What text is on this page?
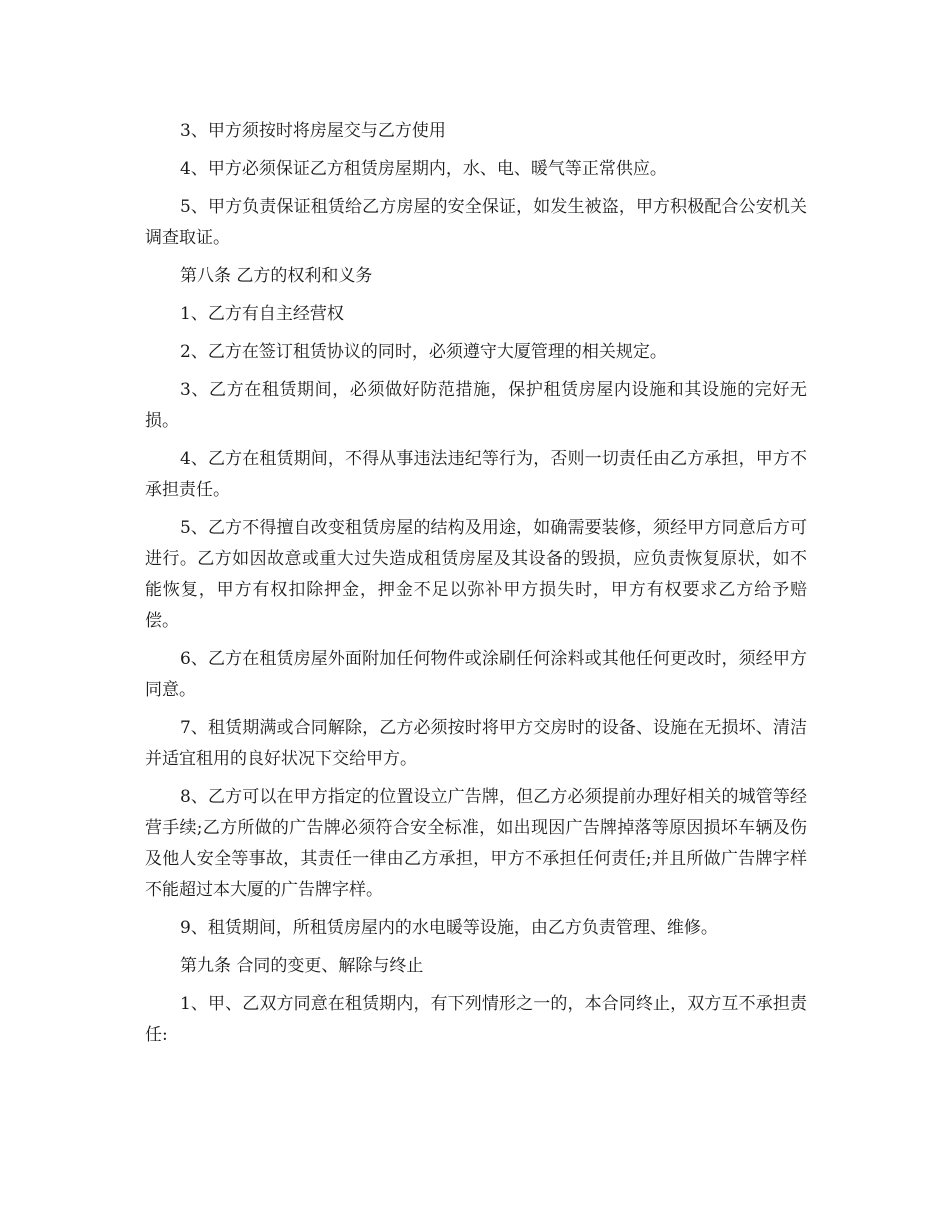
3、甲方须按时将房屋交与乙方使用

4、甲方必须保证乙方租赁房屋期内，水、电、暖气等正常供应。

5、甲方负责保证租赁给乙方房屋的安全保证，如发生被盗，甲方积极配合公安机关调查取证。

第八条 乙方的权利和义务

1、乙方有自主经营权

2、乙方在签订租赁协议的同时，必须遵守大厦管理的相关规定。

3、乙方在租赁期间，必须做好防范措施，保护租赁房屋内设施和其设施的完好无损。

4、乙方在租赁期间，不得从事违法违纪等行为，否则一切责任由乙方承担，甲方不承担责任。

5、乙方不得擅自改变租赁房屋的结构及用途，如确需要装修，须经甲方同意后方可进行。乙方如因故意或重大过失造成租赁房屋及其设备的毁损，应负责恢复原状，如不能恢复，甲方有权扣除押金，押金不足以弥补甲方损失时，甲方有权要求乙方给予赔偿。

6、乙方在租赁房屋外面附加任何物件或涂刷任何涂料或其他任何更改时，须经甲方同意。

7、租赁期满或合同解除，乙方必须按时将甲方交房时的设备、设施在无损坏、清洁并适宜租用的良好状况下交给甲方。

8、乙方可以在甲方指定的位置设立广告牌，但乙方必须提前办理好相关的城管等经营手续;乙方所做的广告牌必须符合安全标准，如出现因广告牌掉落等原因损坏车辆及伤及他人安全等事故，其责任一律由乙方承担，甲方不承担任何责任;并且所做广告牌字样不能超过本大厦的广告牌字样。

9、租赁期间，所租赁房屋内的水电暖等设施，由乙方负责管理、维修。

第九条 合同的变更、解除与终止

1、甲、乙双方同意在租赁期内，有下列情形之一的，本合同终止，双方互不承担责任:
